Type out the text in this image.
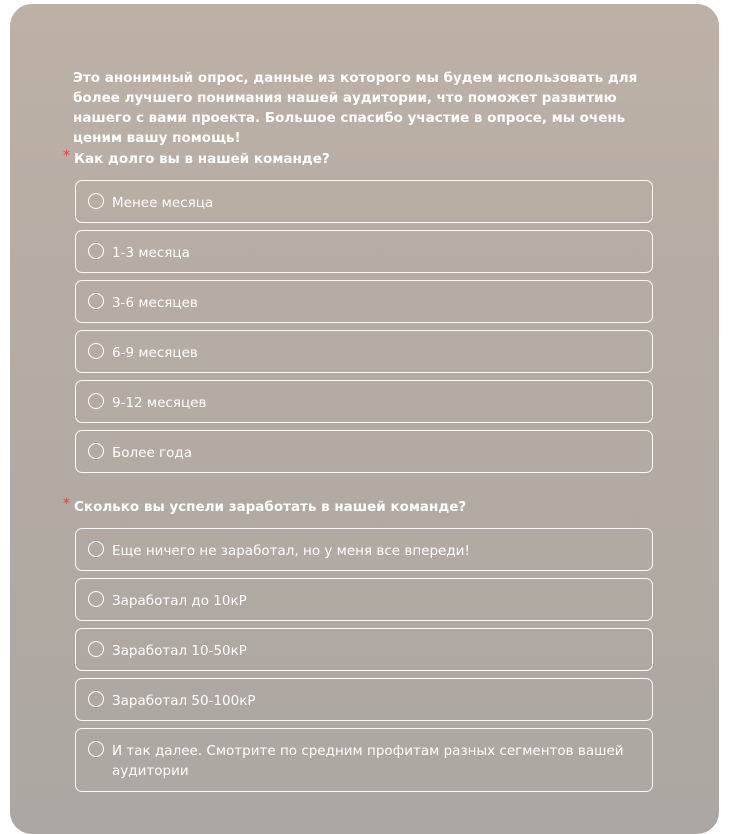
Это анонимный опрос, данные из которого мы будем использовать для более лучшего понимания нашей аудитории, что поможет развитию нашего с вами проекта. Большое спасибо участие в опросе, мы очень ценим вашу помощь!
* Как долго вы в нашей команде?
Менее месяца
1-3 месяца
3-6 месяцев
6-9 месяцев
9-12 месяцев
Более года
* Сколько вы успели заработать в нашей команде?
Еще ничего не заработал, но у меня все впереди!
Заработал до 10кР
Заработал 10-50кР
Заработал 50-100кР
И так далее. Смотрите по средним профитам разных сегментов вашей аудитории
